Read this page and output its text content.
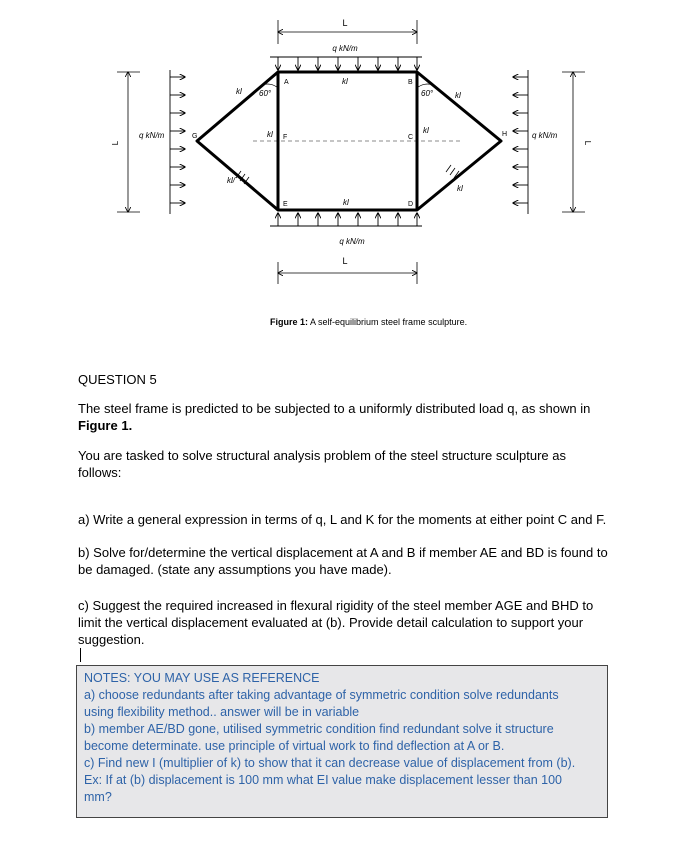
L
L
L	L
q kN/m
q kN/m
q kN/m	q kN/m
60°	60°
kl
kl
kl/
kl
kl
kl
kl	kl
A	B
C
D
E
F
G	H
Figure 1: A self-equilibrium steel frame sculpture.
QUESTION 5
The steel frame is predicted to be subjected to a uniformly distributed load q, as shown in
Figure 1.
You are tasked to solve structural analysis problem of the steel structure sculpture as
follows:
a) Write a general expression in terms of q, L and K for the moments at either point C and F.
b) Solve for/determine the vertical displacement at A and B if member AE and BD is found to
be damaged. (state any assumptions you have made).
c) Suggest the required increased in flexural rigidity of the steel member AGE and BHD to
limit the vertical displacement evaluated at (b). Provide detail calculation to support your
suggestion.

NOTES: YOU MAY USE AS REFERENCE

a) choose redundants after taking advantage of symmetric condition solve redundants

using flexibility method.. answer will be in variable

b) member AE/BD gone, utilised symmetric condition find redundant solve it structure

become determinate. use principle of virtual work to find deflection at A or B.

c) Find new I (multiplier of k) to show that it can decrease value of displacement from (b).

Ex: If at (b) displacement is 100 mm what EI value make displacement lesser than 100

mm?
